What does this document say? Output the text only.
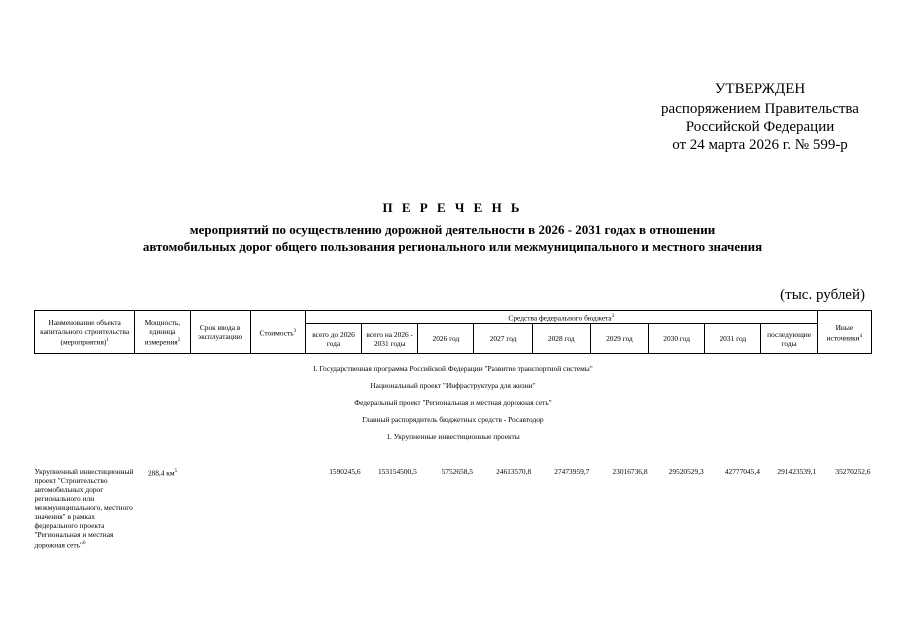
УТВЕРЖДЕН
распоряжением Правительства
Российской Федерации
от 24 марта 2026 г. № 599-р
П Е Р Е Ч Е Н Ь
мероприятий по осуществлению дорожной деятельности в 2026 - 2031 годах в отношении
автомобильных дорог общего пользования регионального или межмуниципального и местного значения
(тыс. рублей)
Наименование объекта капитального строительства (мероприятия)$^1$	Мощность, единица измерения$^2$	Срок ввода в эксплуатацию	Стоимость$^3$	Средства федерального бюджета$^3$									Иные источники$^4$
				всего до 2026 года	всего на 2026 - 2031 годы	2026 год	2027 год	2028 год	2029 год	2030 год	2031 год	последующие годы	
I. Государственная программа Российской Федерации "Развитие транспортной системы"													
Национальный проект "Инфраструктура для жизни"													
Федеральный проект "Региональная и местная дорожная сеть"													
Главный распорядитель бюджетных средств - Росавтодор													
1. Укрупненные инвестиционные проекты													

Укрупненный инвестиционный проект "Строительство автомобильных дорог регионального или межмуниципального, местного значения" в рамках федерального проекта "Региональная и местная дорожная сеть"$^6$	288,4 $км^5$			1590245,6	153154500,5	5752658,5	24613570,8	27473959,7	23016736,8	29520529,3	42777045,4	291423539,1	35270252,6
